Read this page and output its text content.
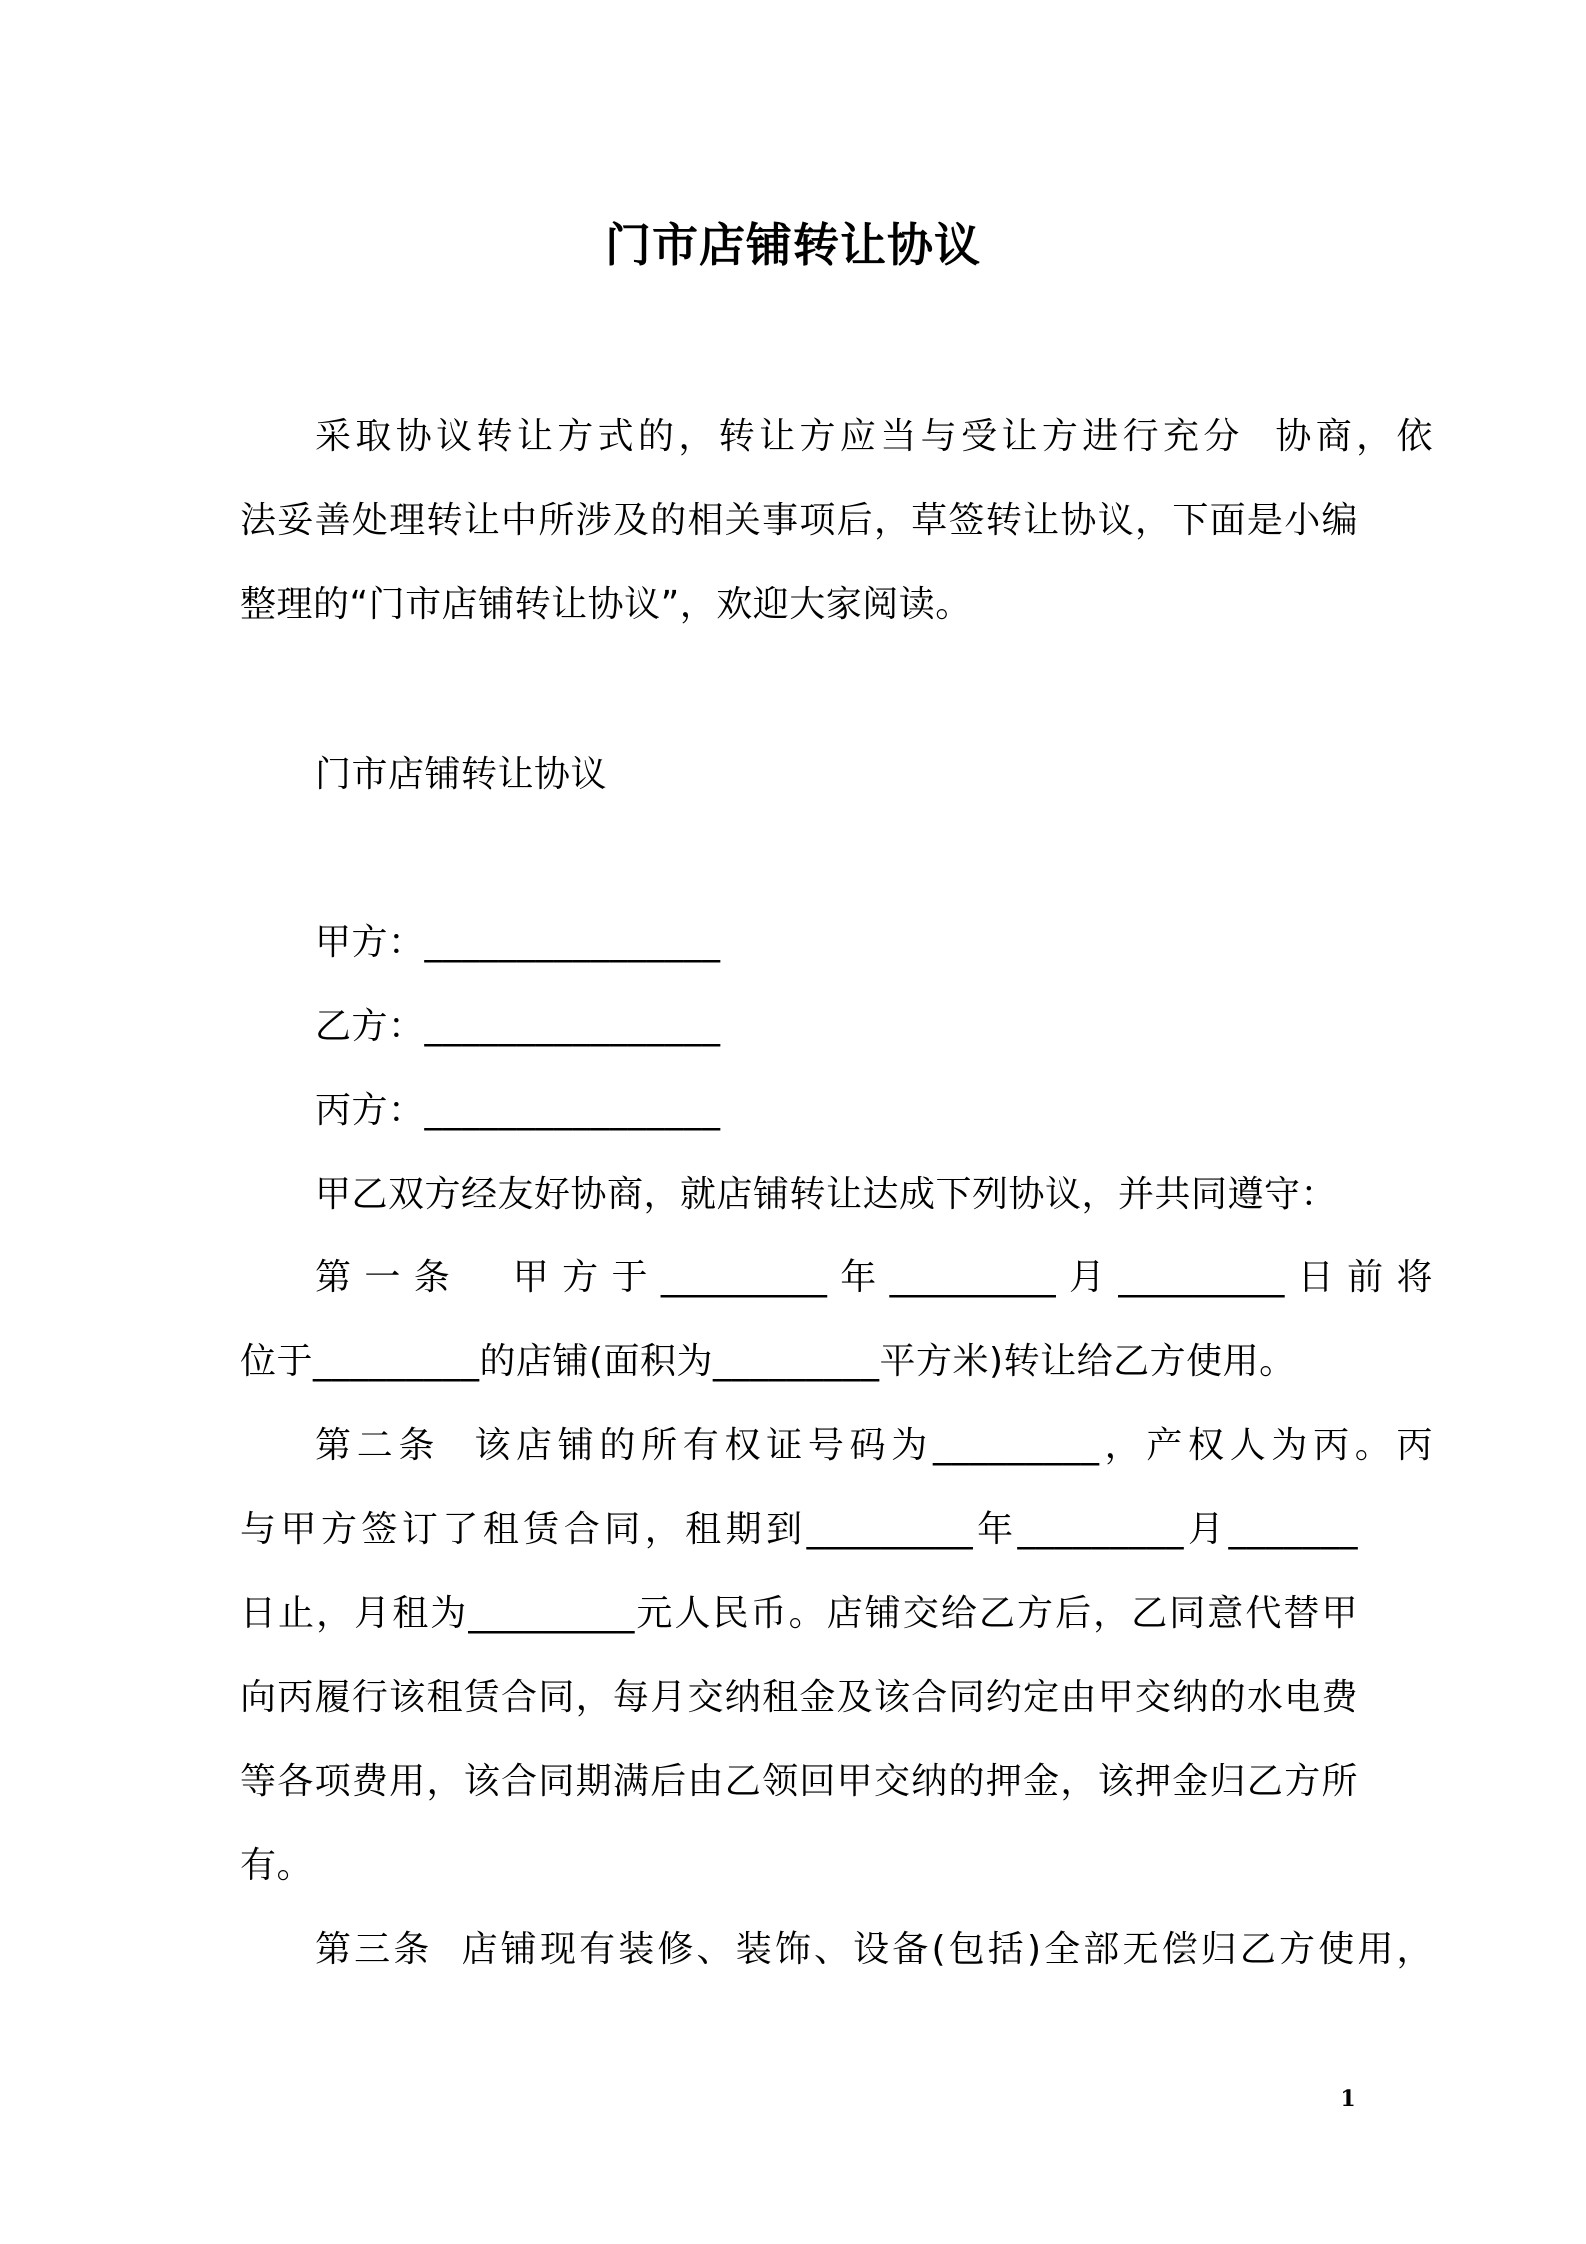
门市店铺转让协议
采取协议转让方式的，转让方应当与受让方进行充分  协商，依
法妥善处理转让中所涉及的相关事项后，草签转让协议，下面是小编
整理的“门市店铺转让协议”，欢迎大家阅读。
门市店铺转让协议
甲方：________________
乙方：________________
丙方：________________
甲乙双方经友好协商，就店铺转让达成下列协议，并共同遵守：
第一条  甲方于_________年_________月_________日前将
位于_________的店铺(面积为_________平方米)转让给乙方使用。
第二条  该店铺的所有权证号码为_________，产权人为丙。丙
与甲方签订了租赁合同，租期到_________年_________月_______
日止，月租为_________元人民币。店铺交给乙方后，乙同意代替甲
向丙履行该租赁合同，每月交纳租金及该合同约定由甲交纳的水电费
等各项费用，该合同期满后由乙领回甲交纳的押金，该押金归乙方所
有。
第三条  店铺现有装修、装饰、设备(包括)全部无偿归乙方使用，
1
